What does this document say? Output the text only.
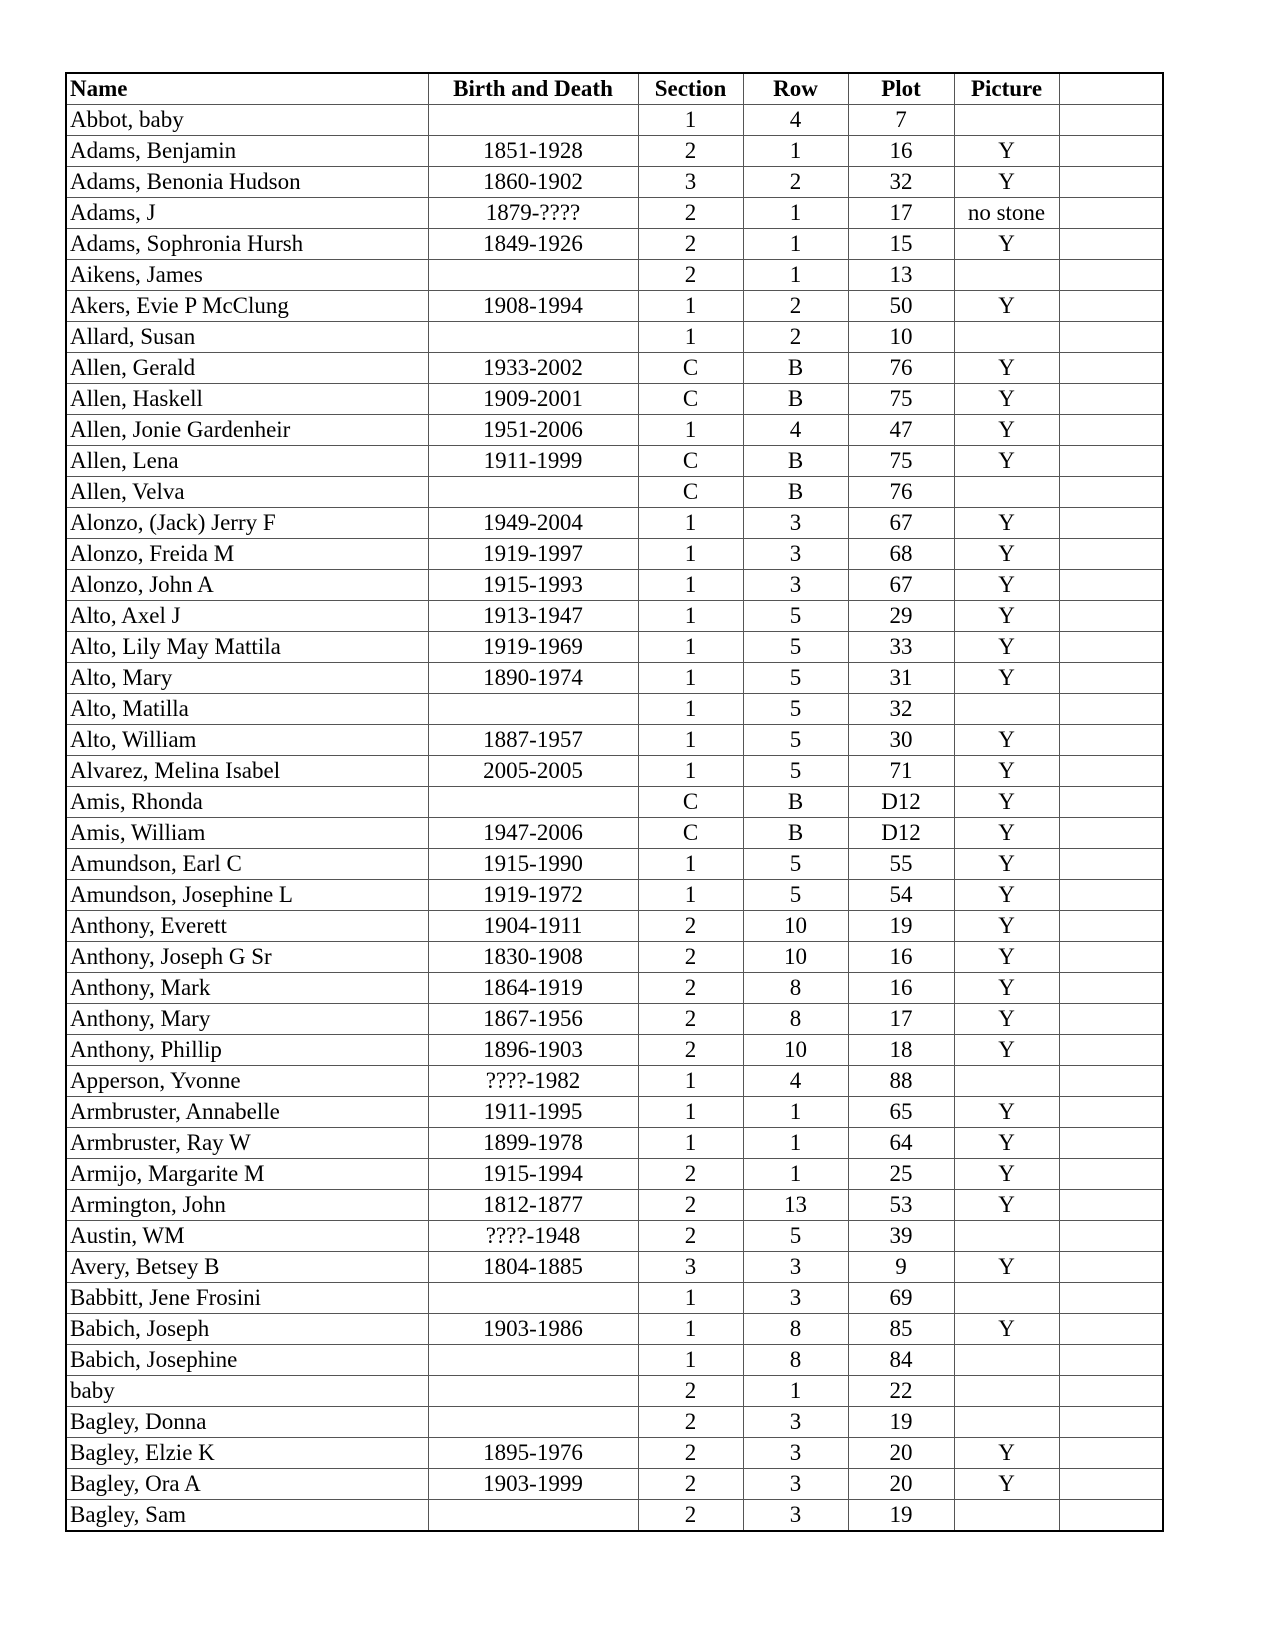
Name	Birth and Death	Section	Row	Plot	Picture	
Abbot, baby		1	4	7		
Adams, Benjamin	1851-1928	2	1	16	Y	
Adams, Benonia Hudson	1860-1902	3	2	32	Y	
Adams, J	1879-????	2	1	17	no stone	
Adams, Sophronia Hursh	1849-1926	2	1	15	Y	
Aikens, James		2	1	13		
Akers, Evie P McClung	1908-1994	1	2	50	Y	
Allard, Susan		1	2	10		
Allen, Gerald	1933-2002	C	B	76	Y	
Allen, Haskell	1909-2001	C	B	75	Y	
Allen, Jonie Gardenheir	1951-2006	1	4	47	Y	
Allen, Lena	1911-1999	C	B	75	Y	
Allen, Velva		C	B	76		
Alonzo, (Jack) Jerry F	1949-2004	1	3	67	Y	
Alonzo, Freida M	1919-1997	1	3	68	Y	
Alonzo, John A	1915-1993	1	3	67	Y	
Alto, Axel J	1913-1947	1	5	29	Y	
Alto, Lily May Mattila	1919-1969	1	5	33	Y	
Alto, Mary	1890-1974	1	5	31	Y	
Alto, Matilla		1	5	32		
Alto, William	1887-1957	1	5	30	Y	
Alvarez, Melina Isabel	2005-2005	1	5	71	Y	
Amis, Rhonda		C	B	D12	Y	
Amis, William	1947-2006	C	B	D12	Y	
Amundson, Earl C	1915-1990	1	5	55	Y	
Amundson, Josephine L	1919-1972	1	5	54	Y	
Anthony, Everett	1904-1911	2	10	19	Y	
Anthony, Joseph G Sr	1830-1908	2	10	16	Y	
Anthony, Mark	1864-1919	2	8	16	Y	
Anthony, Mary	1867-1956	2	8	17	Y	
Anthony, Phillip	1896-1903	2	10	18	Y	
Apperson, Yvonne	????-1982	1	4	88		
Armbruster, Annabelle	1911-1995	1	1	65	Y	
Armbruster, Ray W	1899-1978	1	1	64	Y	
Armijo, Margarite M	1915-1994	2	1	25	Y	
Armington, John	1812-1877	2	13	53	Y	
Austin, WM	????-1948	2	5	39		
Avery, Betsey B	1804-1885	3	3	9	Y	
Babbitt, Jene Frosini		1	3	69		
Babich, Joseph	1903-1986	1	8	85	Y	
Babich, Josephine		1	8	84		
baby		2	1	22		
Bagley, Donna		2	3	19		
Bagley, Elzie K	1895-1976	2	3	20	Y	
Bagley, Ora A	1903-1999	2	3	20	Y	
Bagley, Sam		2	3	19		
